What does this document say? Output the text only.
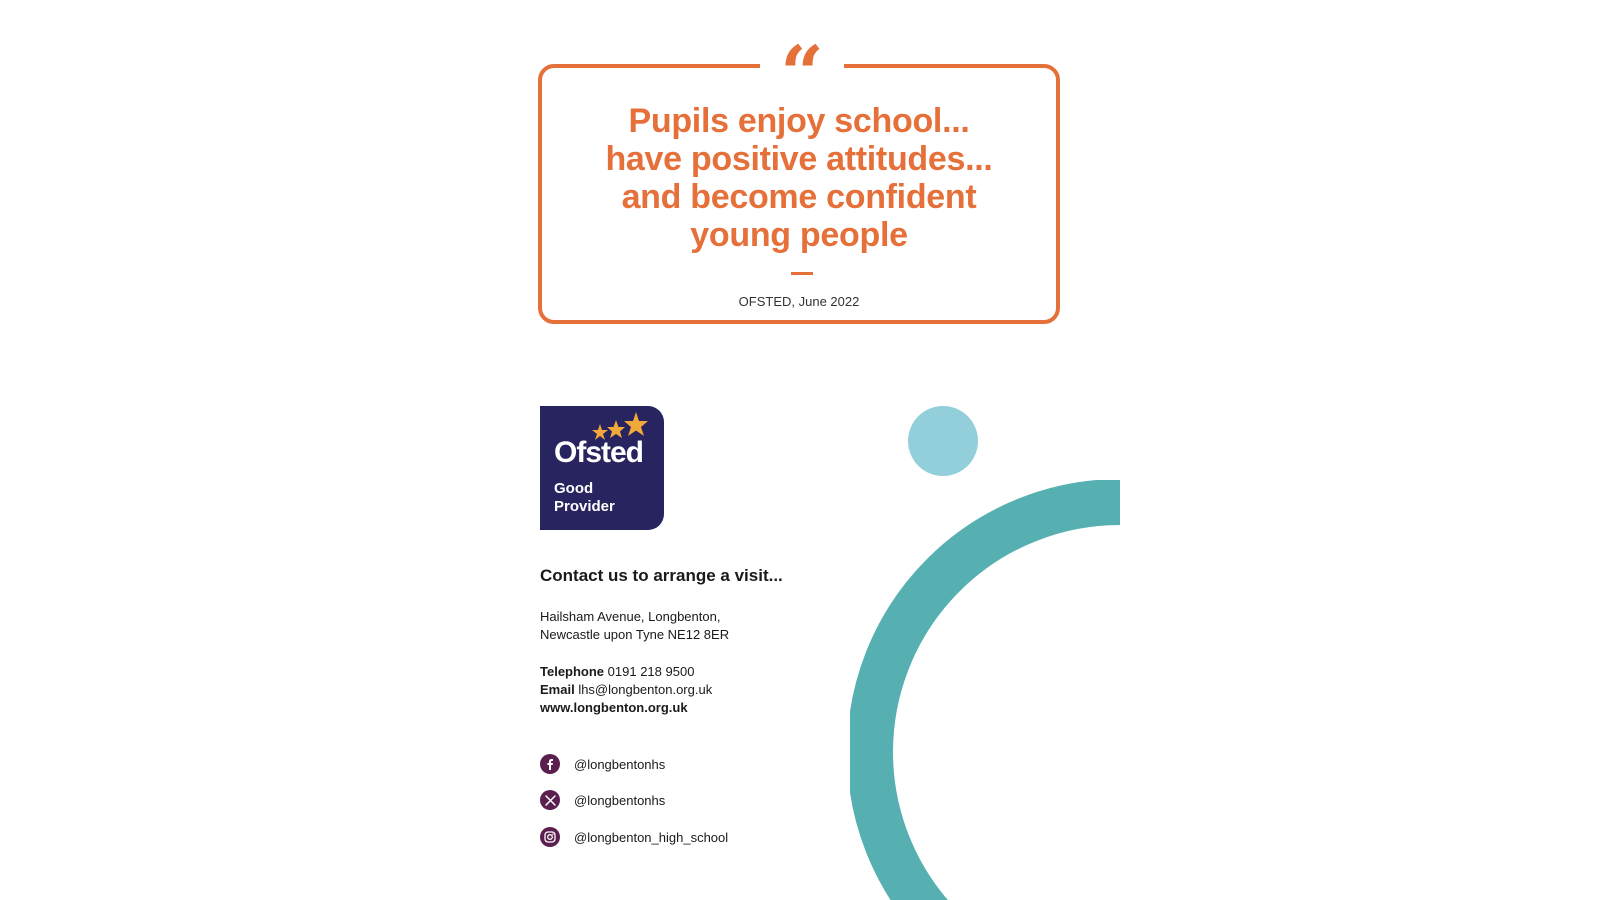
“
Pupils enjoy school...
have positive attitudes...
and become confident
young people
OFSTED, June 2022
Ofsted
Good
Provider
Contact us to arrange a visit...
Hailsham Avenue, Longbenton,
Newcastle upon Tyne NE12 8ER
Telephone 0191 218 9500
Email lhs@longbenton.org.uk
www.longbenton.org.uk
@longbentonhs
@longbentonhs
@longbenton_high_school
